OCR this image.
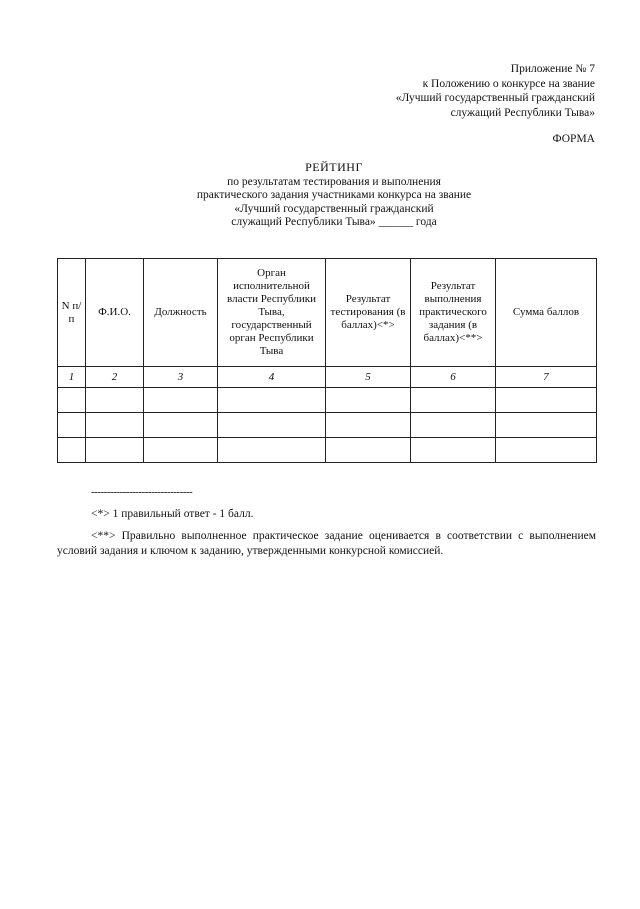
Приложение № 7
к Положению о конкурсе на звание
«Лучший государственный гражданский
служащий Республики Тыва»
ФОРМА
РЕЙТИНГ
по результатам тестирования и выполнения
практического задания участниками конкурса на звание
«Лучший государственный гражданский
служащий Республики Тыва» ______ года
N п/п	Ф.И.О.	Должность	Орган исполнительной власти Республики Тыва, государственный орган Республики Тыва	Результат тестирования (в баллах)<*>	Результат выполнения практического задания (в баллах)<**>	Сумма баллов
1	2	3	4	5	6	7

--------------------------------
<*> 1 правильный ответ - 1 балл.
<**> Правильно выполненное практическое задание оценивается в соответствии с выполнением условий задания и ключом к заданию, утвержденными конкурсной комиссией.
